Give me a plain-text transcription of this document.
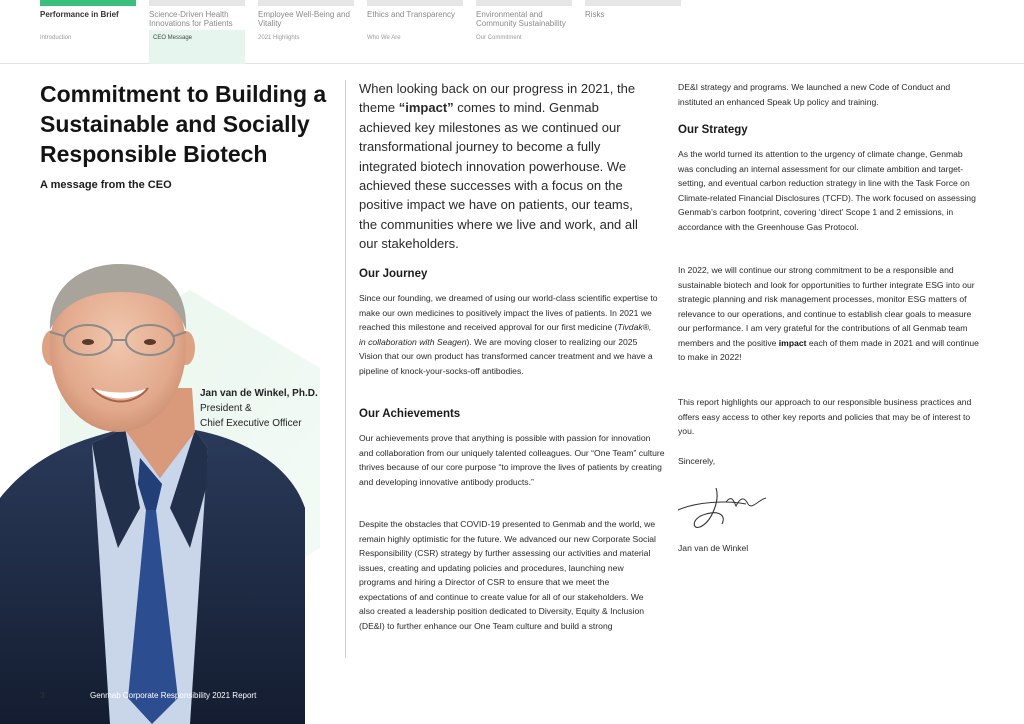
Performance in Brief	Science-Driven Health Innovations for Patients
Employee Well-Being and Vitality
Ethics and Transparency	Environmental and Community Sustainability
Risks
Introduction	CEO Message	2021 Highlights	Who We Are	Our Commitment
Commitment to Building a Sustainable and Socially Responsible Biotech
A message from the CEO
Jan van de Winkel, Ph.D.
President &
Chief Executive Officer
3	Genmab Corporate Responsibility 2021 Report

When looking back on our progress in 2021, the theme “impact” comes to mind. Genmab achieved key milestones as we continued our transformational journey to become a fully integrated biotech innovation powerhouse. We achieved these successes with a focus on the positive impact we have on patients, our teams, the communities where we live and work, and all our stakeholders.

Our Journey

Since our founding, we dreamed of using our world-class scientific expertise to make our own medicines to positively impact the lives of patients. In 2021 we reached this milestone and received approval for our first medicine (Tivdak®, in collaboration with Seagen). We are moving closer to realizing our 2025 Vision that our own product has transformed cancer treatment and we have a pipeline of knock-your-socks-off antibodies.

Our Achievements

Our achievements prove that anything is possible with passion for innovation and collaboration from our uniquely talented colleagues. Our “One Team” culture thrives because of our core purpose “to improve the lives of patients by creating and developing innovative antibody products.”

Despite the obstacles that COVID-19 presented to Genmab and the world, we remain highly optimistic for the future. We advanced our new Corporate Social Responsibility (CSR) strategy by further assessing our activities and material issues, creating and updating policies and procedures, launching new programs and hiring a Director of CSR to ensure that we meet the expectations of and continue to create value for all of our stakeholders. We also created a leadership position dedicated to Diversity, Equity & Inclusion (DE&I) to further enhance our One Team culture and build a strong

DE&I strategy and programs. We launched a new Code of Conduct and instituted an enhanced Speak Up policy and training.

Our Strategy

As the world turned its attention to the urgency of climate change, Genmab was concluding an internal assessment for our climate ambition and target-setting, and eventual carbon reduction strategy in line with the Task Force on Climate-related Financial Disclosures (TCFD). The work focused on assessing Genmab’s carbon footprint, covering ‘direct’ Scope 1 and 2 emissions, in accordance with the Greenhouse Gas Protocol.

In 2022, we will continue our strong commitment to be a responsible and sustainable biotech and look for opportunities to further integrate ESG into our strategic planning and risk management processes, monitor ESG matters of relevance to our operations, and continue to establish clear goals to measure our performance. I am very grateful for the contributions of all Genmab team members and the positive impact each of them made in 2021 and will continue to make in 2022!

This report highlights our approach to our responsible business practices and offers easy access to other key reports and policies that may be of interest to you.

Sincerely,

Jan van de Winkel
